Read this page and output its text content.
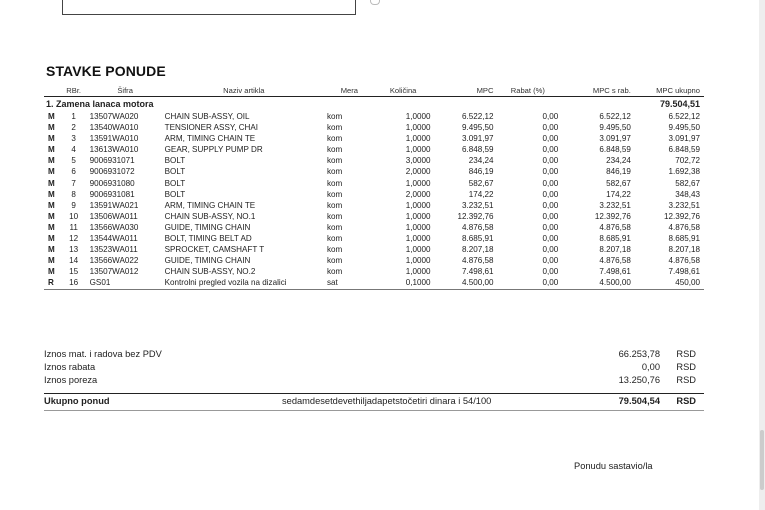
STAVKE PONUDE
	RBr.	Šifra	Naziv artikla	Mera	Količina	MPC	Rabat (%)	MPC s rab.	MPC ukupno
1. Zamena lanaca motora								79.504,51	
M	1	13507WA020	CHAIN SUB-ASSY, OIL	kom	1,0000	6.522,12	0,00	6.522,12	6.522,12
M	2	13540WA010	TENSIONER ASSY, CHAI	kom	1,0000	9.495,50	0,00	9.495,50	9.495,50
M	3	13591WA010	ARM, TIMING CHAIN TE	kom	1,0000	3.091,97	0,00	3.091,97	3.091,97
M	4	13613WA010	GEAR, SUPPLY PUMP DR	kom	1,0000	6.848,59	0,00	6.848,59	6.848,59
M	5	9006931071	BOLT	kom	3,0000	234,24	0,00	234,24	702,72
M	6	9006931072	BOLT	kom	2,0000	846,19	0,00	846,19	1.692,38
M	7	9006931080	BOLT	kom	1,0000	582,67	0,00	582,67	582,67
M	8	9006931081	BOLT	kom	2,0000	174,22	0,00	174,22	348,43
M	9	13591WA021	ARM, TIMING CHAIN TE	kom	1,0000	3.232,51	0,00	3.232,51	3.232,51
M	10	13506WA011	CHAIN SUB-ASSY, NO.1	kom	1,0000	12.392,76	0,00	12.392,76	12.392,76
M	11	13566WA030	GUIDE, TIMING CHAIN	kom	1,0000	4.876,58	0,00	4.876,58	4.876,58
M	12	13544WA011	BOLT, TIMING BELT AD	kom	1,0000	8.685,91	0,00	8.685,91	8.685,91
M	13	13523WA011	SPROCKET, CAMSHAFT T	kom	1,0000	8.207,18	0,00	8.207,18	8.207,18
M	14	13566WA022	GUIDE, TIMING CHAIN	kom	1,0000	4.876,58	0,00	4.876,58	4.876,58
M	15	13507WA012	CHAIN SUB-ASSY, NO.2	kom	1,0000	7.498,61	0,00	7.498,61	7.498,61
R	16	GS01	Kontrolni pregled vozila na dizalici	sat	0,1000	4.500,00	0,00	4.500,00	450,00
Iznos mat. i radova bez PDV	66.253,78 RSD
Iznos rabata	0,00 RSD
Iznos poreza	13.250,76 RSD
Ukupno ponud	sedamdesetdevethiljadapetstočetiri dinara i 54/100	79.504,54 RSD
Ponudu sastavio/la
